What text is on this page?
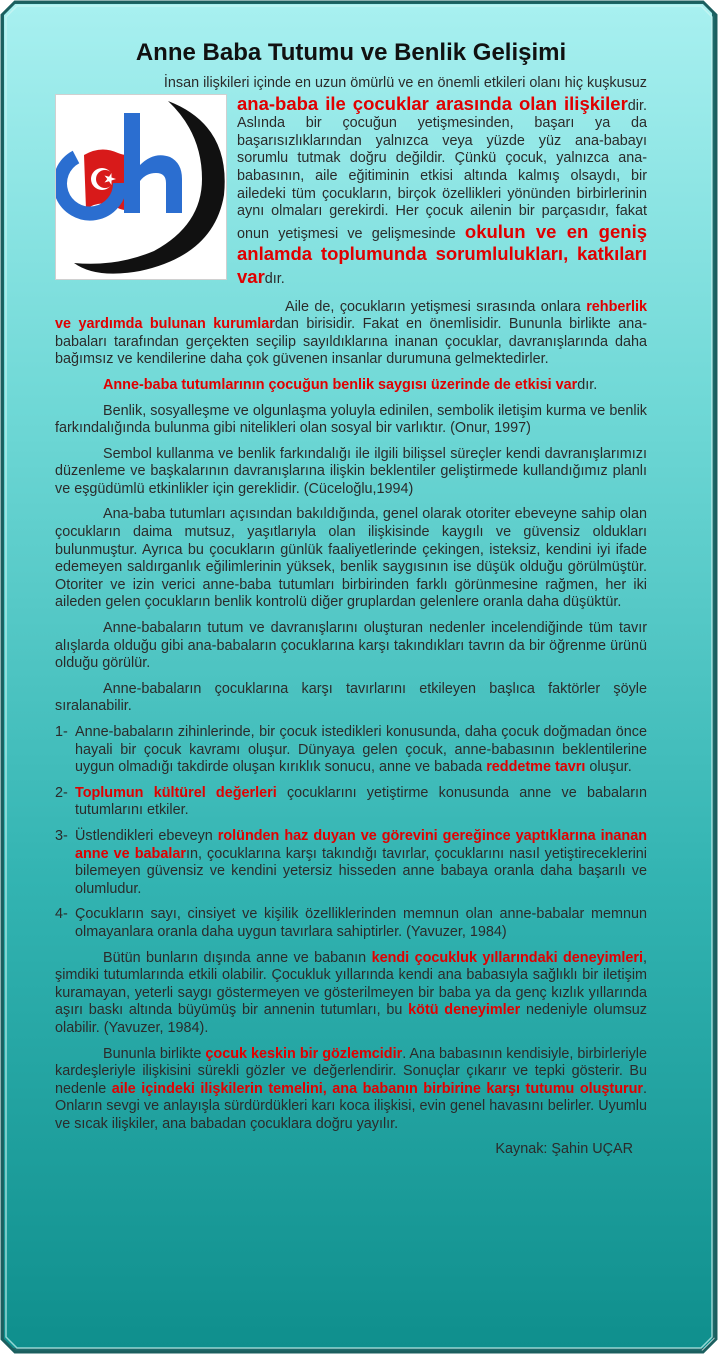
Anne Baba Tutumu ve Benlik Gelişimi

İnsan ilişkileri içinde en uzun ömürlü ve en önemli etkileri olanı hiç kuşkusuz

ana-baba ile çocuklar arasında olan ilişkilerdir. Aslında bir çocuğun yetişmesinden, başarı ya da başarısızlıklarından yalnızca veya yüzde yüz ana-babayı sorumlu tutmak doğru değildir. Çünkü çocuk, yalnızca ana-babasının, aile eğitiminin etkisi altında kalmış olsaydı, bir ailedeki tüm çocukların, birçok özellikleri yönünden birbirlerinin aynı olmaları gerekirdi. Her çocuk ailenin bir parçasıdır, fakat onun yetişmesi ve gelişmesinde okulun ve en geniş anlamda toplumunda sorumlulukları, katkıları vardır.

Aile de, çocukların yetişmesi sırasında onlara rehberlik ve yardımda bulunan kurumlardan birisidir. Fakat en önemlisidir. Bununla birlikte ana-babaları tarafından gerçekten seçilip sayıldıklarına inanan çocuklar, davranışlarında daha bağımsız ve kendilerine daha çok güvenen insanlar durumuna gelmektedirler.

Anne-baba tutumlarının çocuğun benlik saygısı üzerinde de etkisi vardır.

Benlik, sosyalleşme ve olgunlaşma yoluyla edinilen, sembolik iletişim kurma ve benlik farkındalığında bulunma gibi nitelikleri olan sosyal bir varlıktır. (Onur, 1997)

Sembol kullanma ve benlik farkındalığı ile ilgili bilişsel süreçler kendi davranışlarımızı düzenleme ve başkalarının davranışlarına ilişkin beklentiler geliştirmede kullandığımız planlı ve eşgüdümlü etkinlikler için gereklidir. (Cüceloğlu,1994)

Ana-baba tutumları açısından bakıldığında, genel olarak otoriter ebeveyne sahip olan çocukların daima mutsuz, yaşıtlarıyla olan ilişkisinde kaygılı ve güvensiz oldukları bulunmuştur. Ayrıca bu çocukların günlük faaliyetlerinde çekingen, isteksiz, kendini iyi ifade edemeyen saldırganlık eğilimlerinin yüksek, benlik saygısının ise düşük olduğu görülmüştür. Otoriter ve izin verici anne-baba tutumları birbirinden farklı görünmesine rağmen, her iki aileden gelen çocukların benlik kontrolü diğer gruplardan gelenlere oranla daha düşüktür.

Anne-babaların tutum ve davranışlarını oluşturan nedenler incelendiğinde tüm tavır alışlarda olduğu gibi ana-babaların çocuklarına karşı takındıkları tavrın da bir öğrenme ürünü olduğu görülür.

Anne-babaların çocuklarına karşı tavırlarını etkileyen başlıca faktörler şöyle sıralanabilir.

1- Anne-babaların zihinlerinde, bir çocuk istedikleri konusunda, daha çocuk doğmadan önce hayali bir çocuk kavramı oluşur. Dünyaya gelen çocuk, anne-babasının beklentilerine uygun olmadığı takdirde oluşan kırıklık sonucu, anne ve babada reddetme tavrı oluşur.
2- Toplumun kültürel değerleri çocuklarını yetiştirme konusunda anne ve babaların tutumlarını etkiler.
3- Üstlendikleri ebeveyn rolünden haz duyan ve görevini gereğince yaptıklarına inanan anne ve babaların, çocuklarına karşı takındığı tavırlar, çocuklarını nasıl yetiştireceklerini bilemeyen güvensiz ve kendini yetersiz hisseden anne babaya oranla daha başarılı ve olumludur.
4- Çocukların sayı, cinsiyet ve kişilik özelliklerinden memnun olan anne-babalar memnun olmayanlara oranla daha uygun tavırlara sahiptirler. (Yavuzer, 1984)

Bütün bunların dışında anne ve babanın kendi çocukluk yıllarındaki deneyimleri, şimdiki tutumlarında etkili olabilir. Çocukluk yıllarında kendi ana babasıyla sağlıklı bir iletişim kuramayan, yeterli saygı göstermeyen ve gösterilmeyen bir baba ya da genç kızlık yıllarında aşırı baskı altında büyümüş bir annenin tutumları, bu kötü deneyimler nedeniyle olumsuz olabilir. (Yavuzer, 1984).

Bununla birlikte çocuk keskin bir gözlemcidir. Ana babasının kendisiyle, birbirleriyle kardeşleriyle ilişkisini sürekli gözler ve değerlendirir. Sonuçlar çıkarır ve tepki gösterir. Bu nedenle aile içindeki ilişkilerin temelini, ana babanın birbirine karşı tutumu oluşturur. Onların sevgi ve anlayışla sürdürdükleri karı koca ilişkisi, evin genel havasını belirler. Uyumlu ve sıcak ilişkiler, ana babadan çocuklara doğru yayılır.

Kaynak: Şahin UÇAR
